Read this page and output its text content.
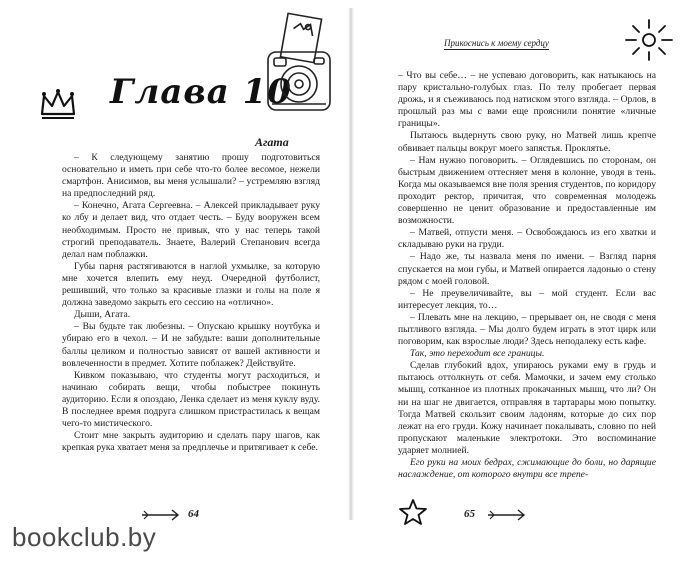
Глава 10

Агата

– К следующему занятию прошу подготовиться основательно и иметь при себе что-то более весомое, нежели смартфон. Анисимов, вы меня услышали? – устремляю взгляд на предпоследний ряд.

– Конечно, Агата Сергеевна. – Алексей прикладывает руку ко лбу и делает вид, что отдает честь. – Буду вооружен всем необходимым. Просто не привык, что у нас теперь такой строгий преподаватель. Знаете, Валерий Степанович всегда делал нам поблажки.

Губы парня растягиваются в наглой ухмылке, за которую мне хочется влепить ему неуд. Очередной футболист, решивший, что только за красивые глазки и голы на поле я должна заведомо закрыть его сессию на «отлично».

Дыши, Агата.

– Вы будьте так любезны. – Опускаю крышку ноутбука и убираю его в чехол. – И не забудьте: ваши дополнительные баллы целиком и полностью зависят от вашей активности и вовлеченности в предмет. Хотите поблажек? Действуйте.

Кивком показываю, что студенты могут расходиться, и начинаю собирать вещи, чтобы побыстрее покинуть аудиторию. Если я опоздаю, Ленка сделает из меня куклу вуду. В последнее время подруга слишком пристрастилась к вещам чего-то мистического.

Стоит мне закрыть аудиторию и сделать пару шагов, как крепкая рука хватает меня за предплечье и притягивает к себе.

64

Прикоснись к моему сердцу

– Что вы себе… – не успеваю договорить, как натыкаюсь на пару кристально-голубых глаз. По телу пробегает первая дрожь, и я съеживаюсь под натиском этого взгляда. – Орлов, в прошлый раз мы с вами еще прояснили понятие «личные границы».

Пытаюсь выдернуть свою руку, но Матвей лишь крепче обвивает пальцы вокруг моего запястья. Проклятье.

– Нам нужно поговорить. – Оглядевшись по сторонам, он быстрым движением оттесняет меня в колонне, уводя в тень. Когда мы оказываемся вне поля зрения студентов, по коридору проходит ректор, причитая, что современная молодежь совершенно не ценит образование и предоставленные им возможности.

– Матвей, отпусти меня. – Освобождаюсь из его хватки и складываю руки на груди.

– Надо же, ты назвала меня по имени. – Взгляд парня спускается на мои губы, и Матвей опирается ладонью о стену рядом с моей головой.

– Не преувеличивайте, вы – мой студент. Если вас интересует лекция, то…

– Плевать мне на лекцию, – прерывает он, не сводя с меня пытливого взгляда. – Мы долго будем играть в этот цирк или поговорим, как взрослые люди? Здесь неподалеку есть кафе.

Так, это переходит все границы.

Сделав глубокий вдох, упираюсь руками ему в грудь и пытаюсь оттолкнуть от себя. Мамочки, и зачем ему столько мышц, сотканное из плотных прокачанных мышц, что ли? Он ни на шаг не двигается, отправляя в тартарары мою попытку. Тогда Матвей скользит своим ладоням, которые до сих пор лежат на его груди. Кожу начинает покалывать, словно по ней пропускают маленькие электротоки. Это воспоминание ударяет молнией.

Его руки на моих бедрах, сжимающие до боли, но дарящие наслаждение, от которого внутри все трепе-

65

bookclub.by
